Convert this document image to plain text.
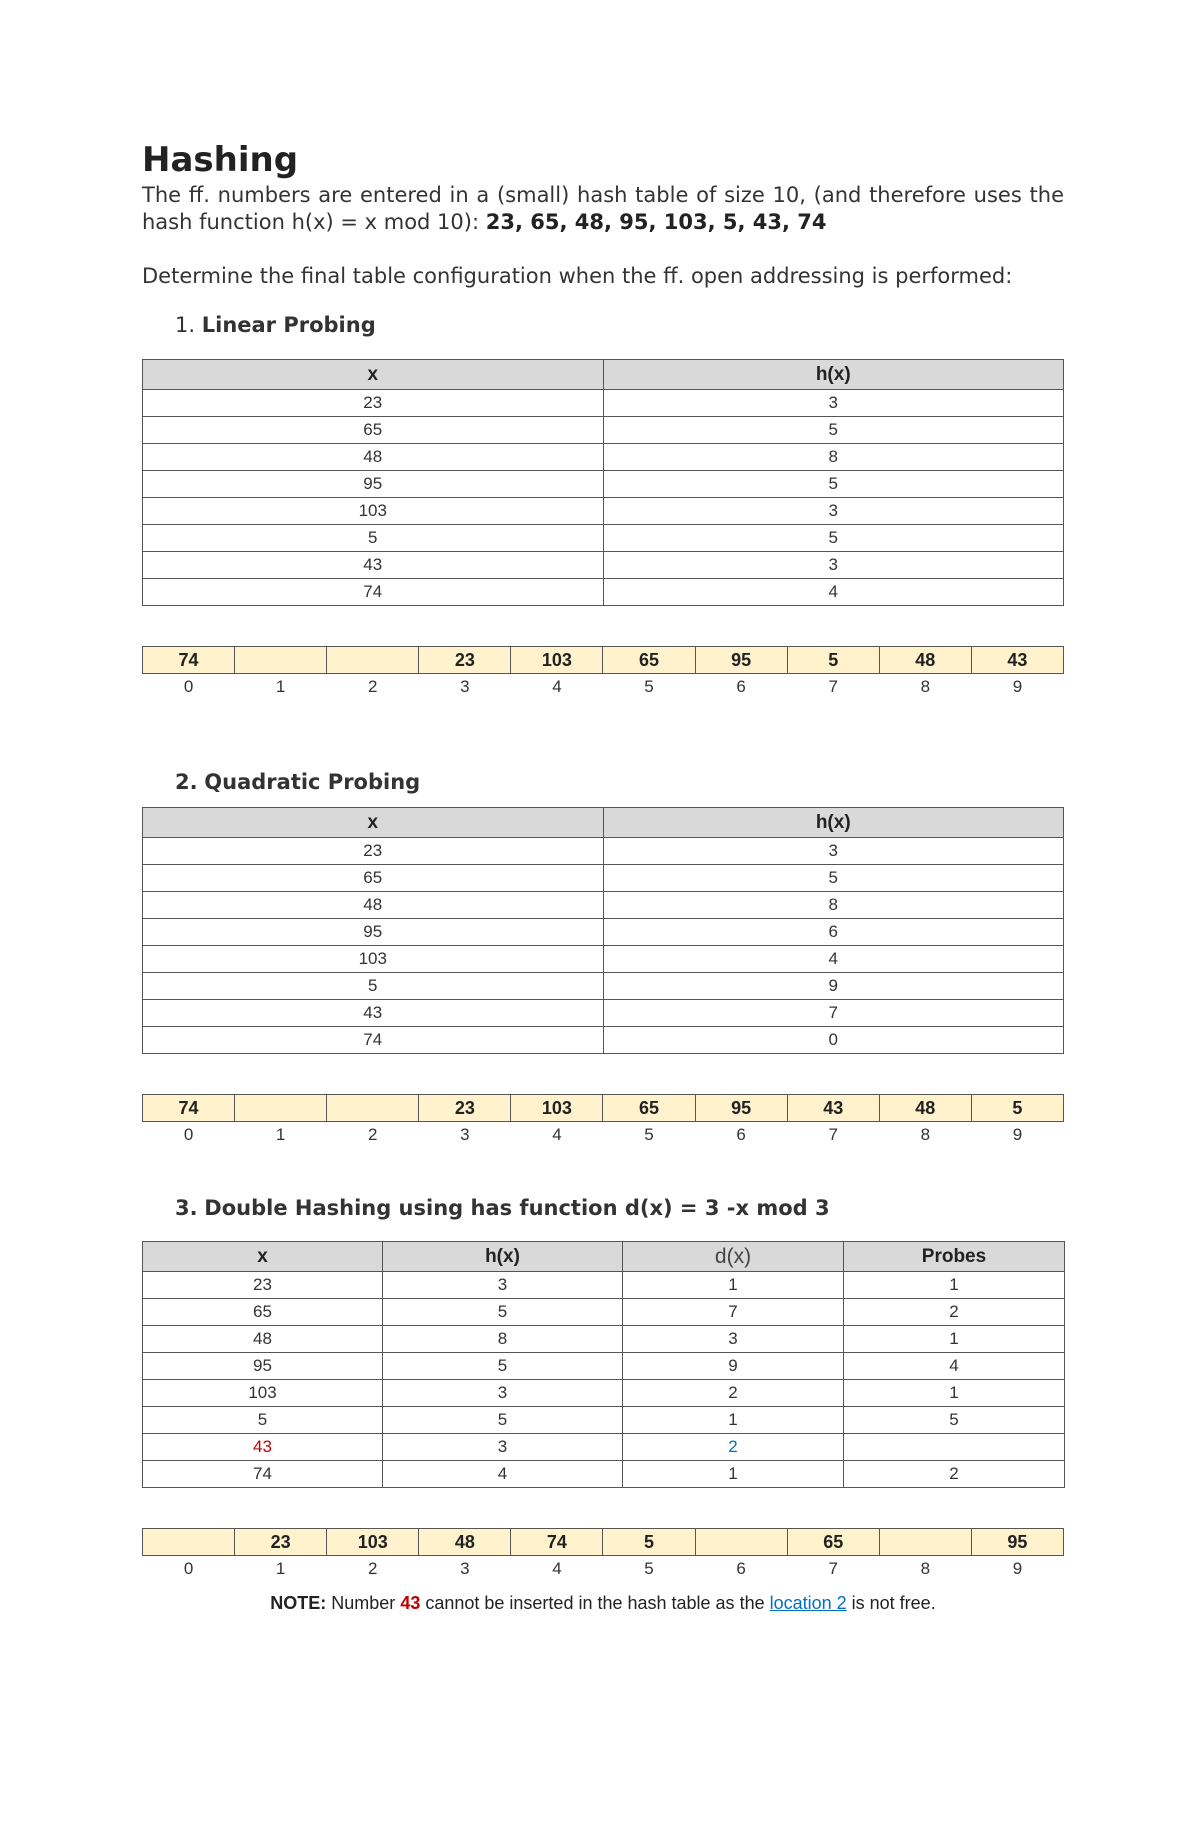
Hashing

The ff. numbers are entered in a (small) hash table of size 10, (and therefore uses the hash function h(x) = x mod 10): 23, 65, 48, 95, 103, 5, 43, 74

Determine the final table configuration when the ff. open addressing is performed:

1. Linear Probing
x	h(x)
23	3
65	5
48	8
95	5
103	3
5	5
43	3
74	4
74			23	103	65	95	5	48	43
0	1	2	3	4	5	6	7	8	9
2. Quadratic Probing
x	h(x)
23	3
65	5
48	8
95	6
103	4
5	9
43	7
74	0
74			23	103	65	95	43	48	5
0	1	2	3	4	5	6	7	8	9
3. Double Hashing using has function d(x) = 3 -x mod 3
x	h(x)	d(x)	Probes
23	3	1	1
65	5	7	2
48	8	3	1
95	5	9	4
103	3	2	1
5	5	1	5
43	3	2	
74	4	1	2
	23	103	48	74	5		65		95
0	1	2	3	4	5	6	7	8	9
NOTE: Number 43 cannot be inserted in the hash table as the location 2 is not free.
